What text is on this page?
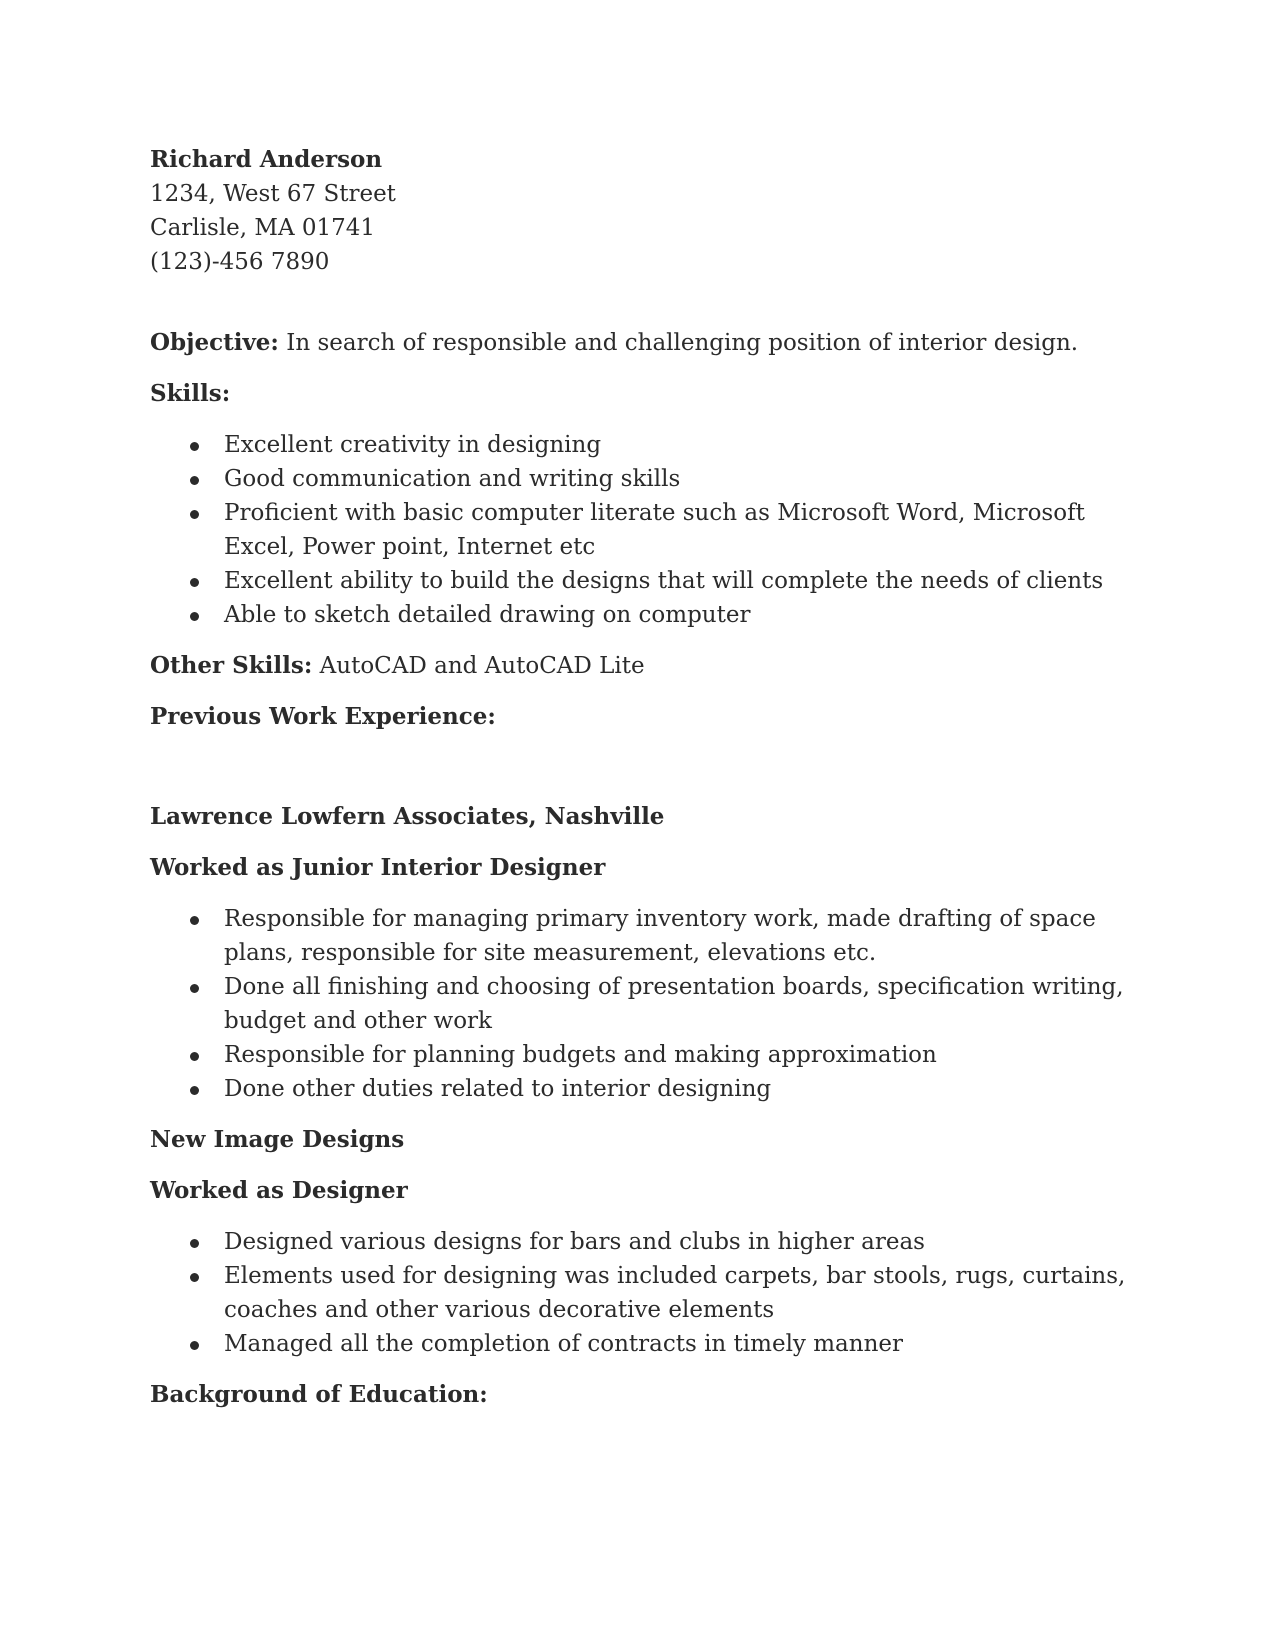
Richard Anderson

1234, West 67 Street

Carlisle, MA 01741

(123)-456 7890

Objective: In search of responsible and challenging position of interior design.

Skills:

Excellent creativity in designing
Good communication and writing skills
Proficient with basic computer literate such as Microsoft Word, Microsoft Excel, Power point, Internet etc
Excellent ability to build the designs that will complete the needs of clients
Able to sketch detailed drawing on computer

Other Skills: AutoCAD and AutoCAD Lite

Previous Work Experience:

Lawrence Lowfern Associates, Nashville

Worked as Junior Interior Designer

Responsible for managing primary inventory work, made drafting of space plans, responsible for site measurement, elevations etc.
Done all finishing and choosing of presentation boards, specification writing, budget and other work
Responsible for planning budgets and making approximation
Done other duties related to interior designing

New Image Designs

Worked as Designer

Designed various designs for bars and clubs in higher areas
Elements used for designing was included carpets, bar stools, rugs, curtains, coaches and other various decorative elements
Managed all the completion of contracts in timely manner

Background of Education:
